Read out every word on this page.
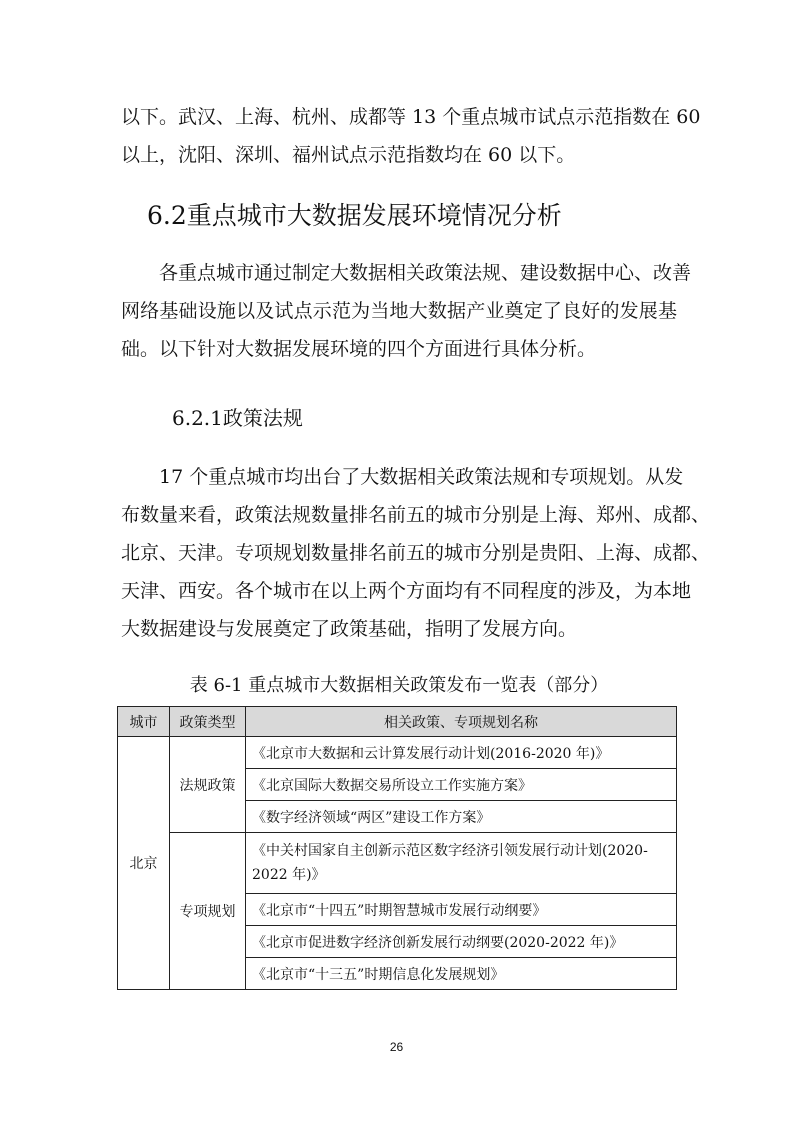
以下。武汉、上海、杭州、成都等 13 个重点城市试点示范指数在 60
以上，沈阳、深圳、福州试点示范指数均在 60 以下。

6.2重点城市大数据发展环境情况分析

各重点城市通过制定大数据相关政策法规、建设数据中心、改善
网络基础设施以及试点示范为当地大数据产业奠定了良好的发展基
础。以下针对大数据发展环境的四个方面进行具体分析。

6.2.1政策法规

17 个重点城市均出台了大数据相关政策法规和专项规划。从发
布数量来看，政策法规数量排名前五的城市分别是上海、郑州、成都、
北京、天津。专项规划数量排名前五的城市分别是贵阳、上海、成都、
天津、西安。各个城市在以上两个方面均有不同程度的涉及，为本地
大数据建设与发展奠定了政策基础，指明了发展方向。

表 6-1 重点城市大数据相关政策发布一览表（部分）
城市	政策类型	相关政策、专项规划名称
北京	法规政策	《北京市大数据和云计算发展行动计划(2016-2020 年)》
		《北京国际大数据交易所设立工作实施方案》
		《数字经济领域“两区”建设工作方案》
	专项规划	《中关村国家自主创新示范区数字经济引领发展行动计划(2020-2022 年)》
		《北京市“十四五”时期智慧城市发展行动纲要》
		《北京市促进数字经济创新发展行动纲要(2020-2022 年)》
		《北京市“十三五”时期信息化发展规划》
26
